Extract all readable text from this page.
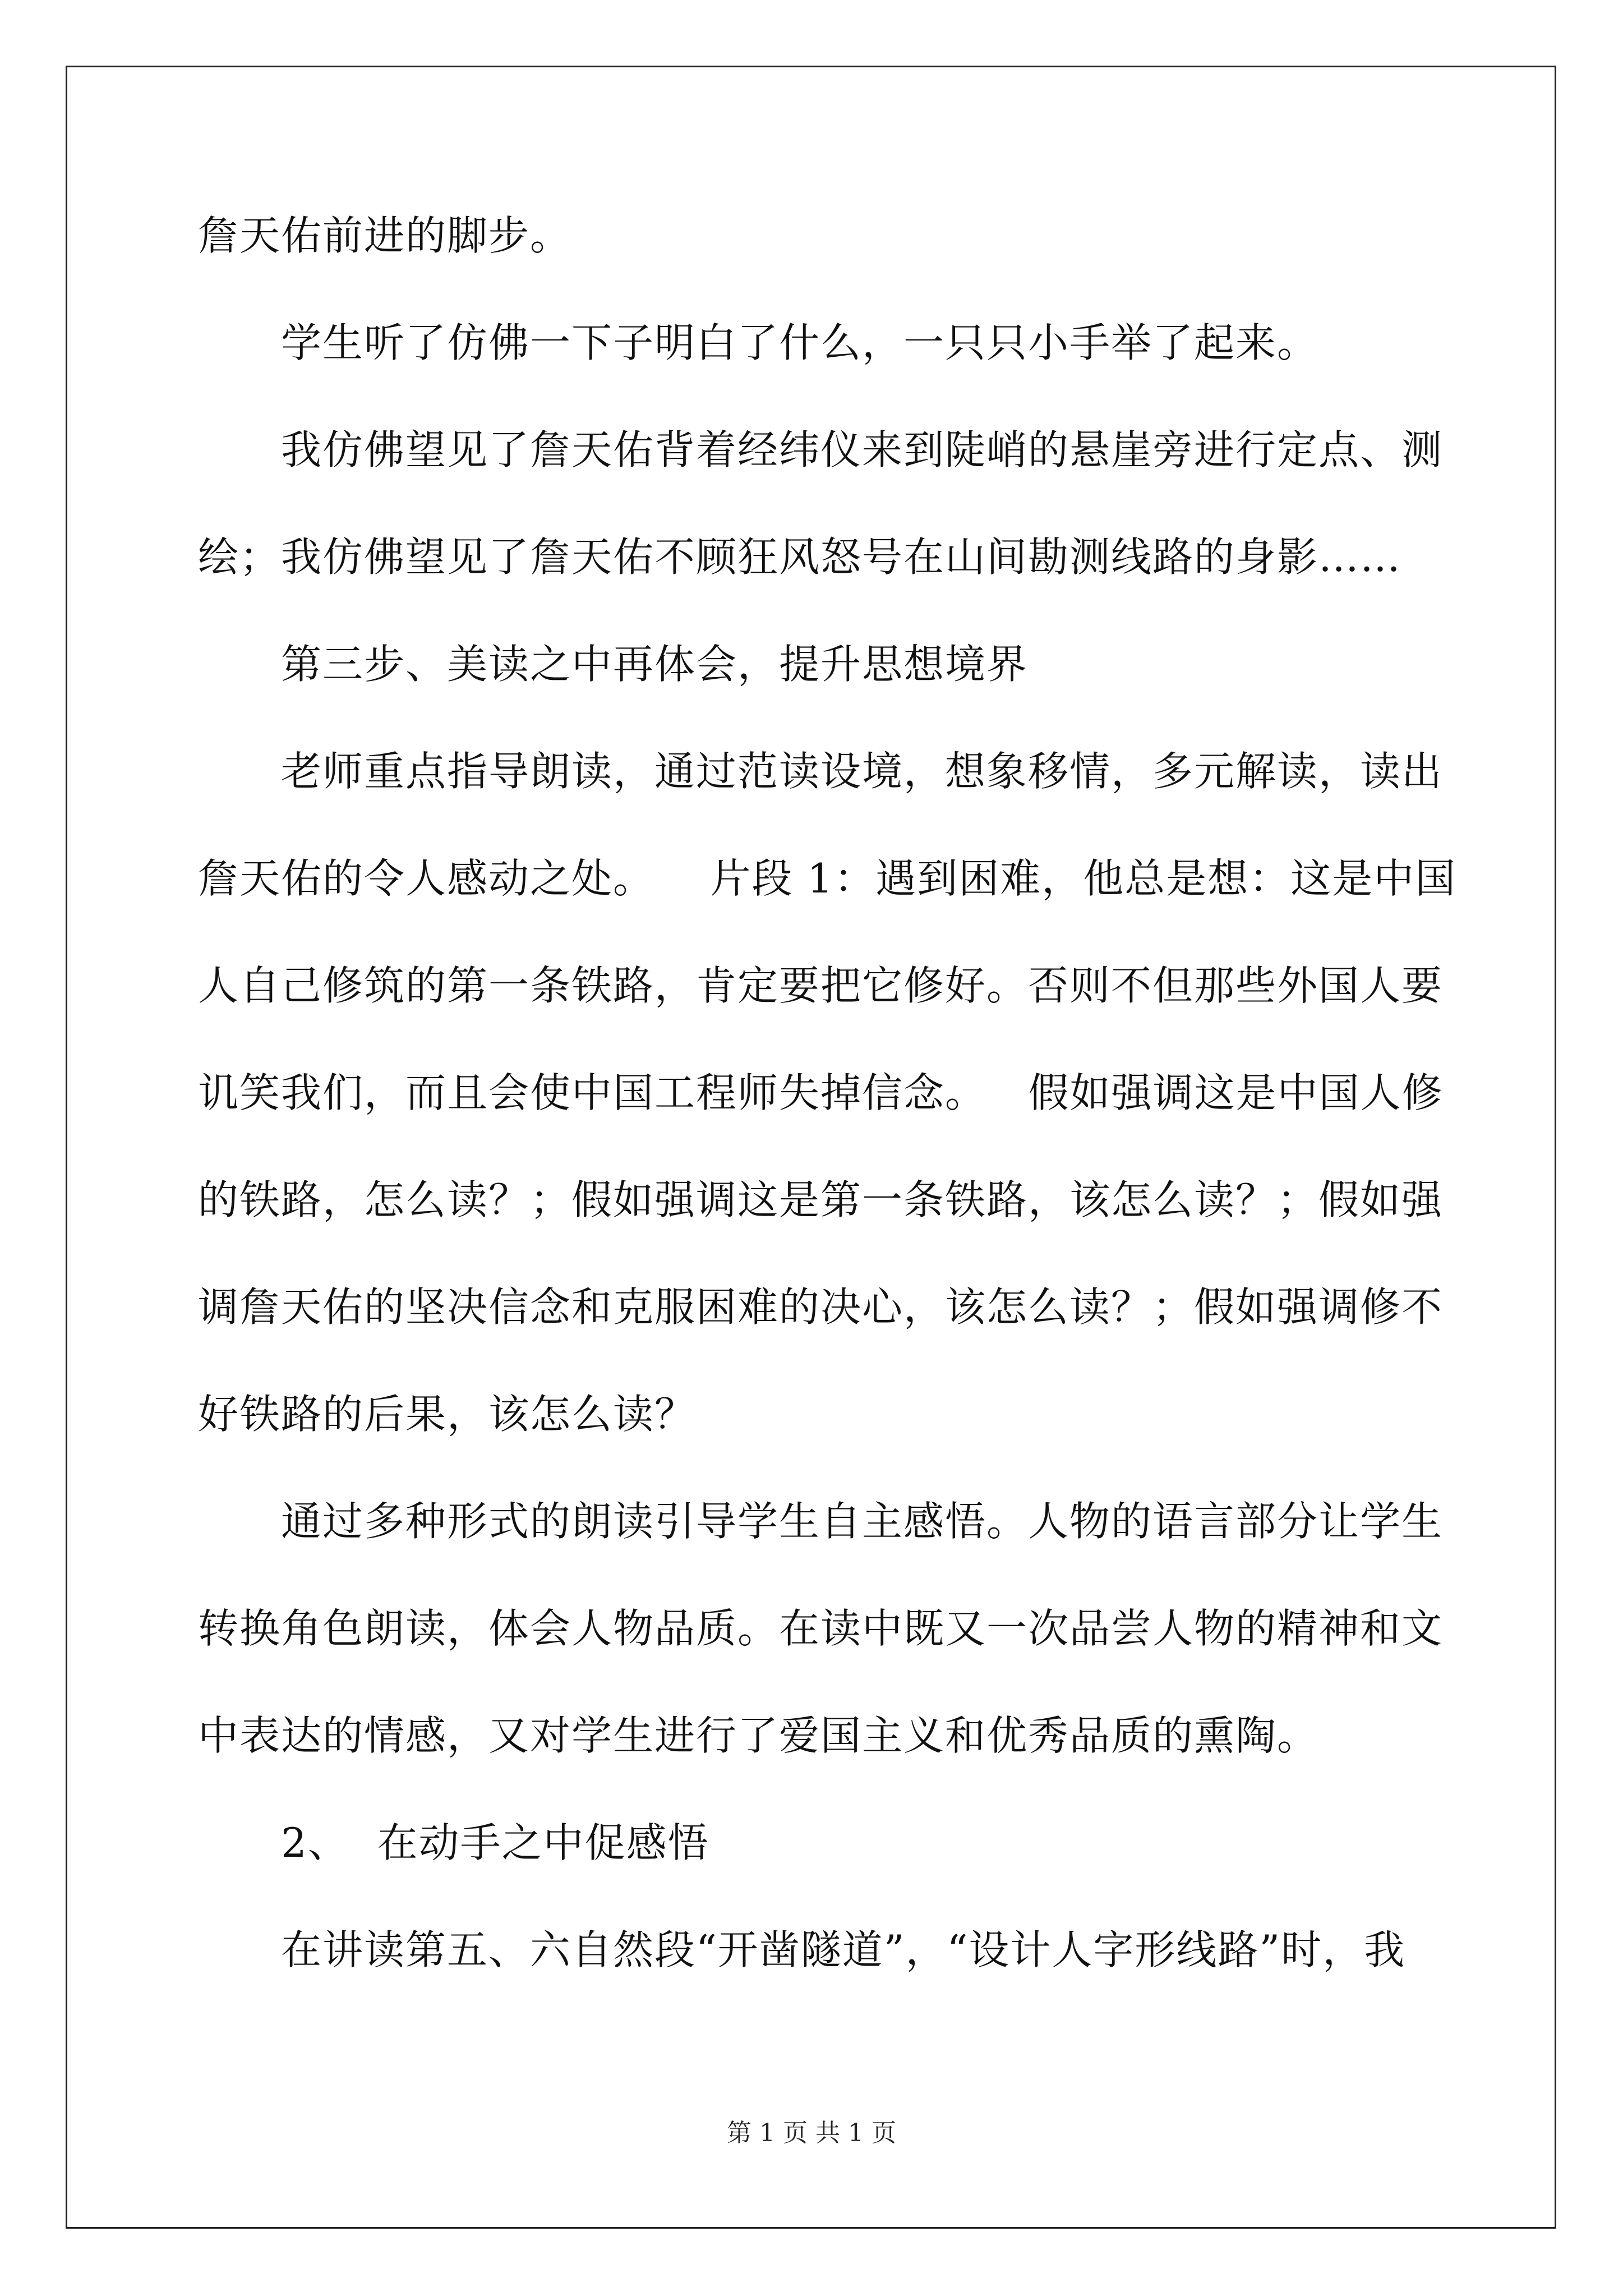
詹天佑前进的脚步。
学生听了仿佛一下子明白了什么，一只只小手举了起来。
我仿佛望见了詹天佑背着经纬仪来到陡峭的悬崖旁进行定点、测
绘；我仿佛望见了詹天佑不顾狂风怒号在山间勘测线路的身影……
第三步、美读之中再体会，提升思想境界
老师重点指导朗读，通过范读设境，想象移情，多元解读，读出
詹天佑的令人感动之处。    片段 1：遇到困难，他总是想：这是中国
人自己修筑的第一条铁路，肯定要把它修好。否则不但那些外国人要
讥笑我们，而且会使中国工程师失掉信念。   假如强调这是中国人修
的铁路，怎么读？；假如强调这是第一条铁路，该怎么读？；假如强
调詹天佑的坚决信念和克服困难的决心，该怎么读？；假如强调修不
好铁路的后果，该怎么读？
通过多种形式的朗读引导学生自主感悟。人物的语言部分让学生
转换角色朗读，体会人物品质。在读中既又一次品尝人物的精神和文
中表达的情感，又对学生进行了爱国主义和优秀品质的熏陶。
2、  在动手之中促感悟
在讲读第五、六自然段“开凿隧道”，“设计人字形线路”时，我
第 1 页 共 1 页
